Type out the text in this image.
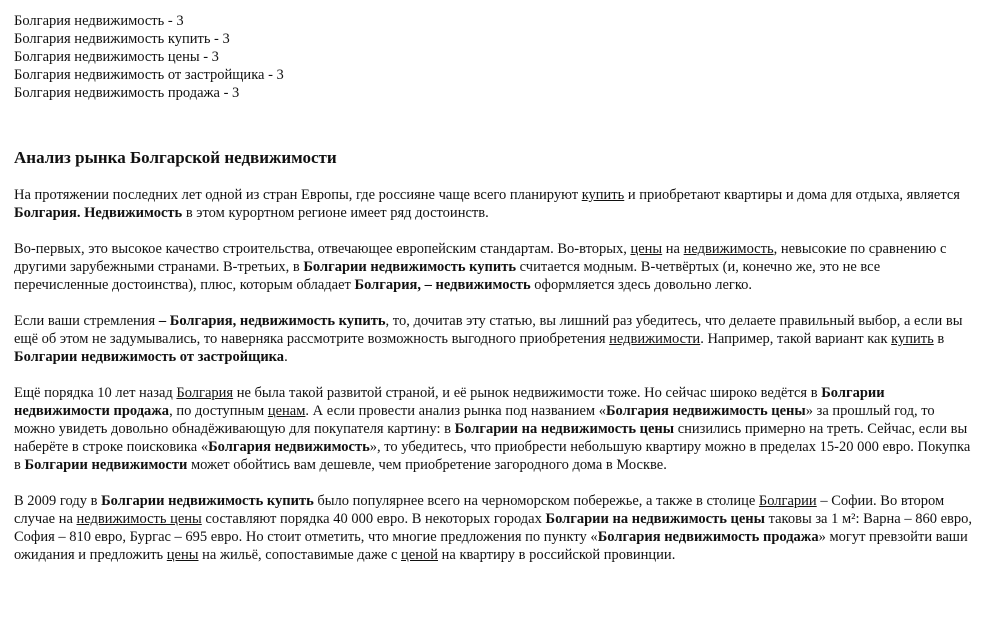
Болгария недвижимость - 3
Болгария недвижимость купить - 3
Болгария недвижимость цены - 3
Болгария недвижимость от застройщика - 3
Болгария недвижимость продажа - 3
Анализ рынка Болгарской недвижимости

На протяжении последних лет одной из стран Европы, где россияне чаще всего планируют купить и приобретают квартиры и дома для отдыха, является Болгария. Недвижимость в этом курортном регионе имеет ряд достоинств.

Во-первых, это высокое качество строительства, отвечающее европейским стандартам. Во-вторых, цены на недвижимость, невысокие по сравнению с другими зарубежными странами. В-третьих, в Болгарии недвижимость купить считается модным. В-четвёртых (и, конечно же, это не все перечисленные достоинства), плюс, которым обладает Болгария, – недвижимость оформляется здесь довольно легко.

Если ваши стремления – Болгария, недвижимость купить, то, дочитав эту статью, вы лишний раз убедитесь, что делаете правильный выбор, а если вы ещё об этом не задумывались, то наверняка рассмотрите возможность выгодного приобретения недвижимости. Например, такой вариант как купить в Болгарии недвижимость от застройщика.

Ещё порядка 10 лет назад Болгария не была такой развитой страной, и её рынок недвижимости тоже. Но сейчас широко ведётся в Болгарии недвижимости продажа, по доступным ценам. А если провести анализ рынка под названием «Болгария недвижимость цены» за прошлый год, то можно увидеть довольно обнадёживающую для покупателя картину: в Болгарии на недвижимость цены снизились примерно на треть. Сейчас, если вы наберёте в строке поисковика «Болгария недвижимость», то убедитесь, что приобрести небольшую квартиру можно в пределах 15-20 000 евро. Покупка в Болгарии недвижимости может обойтись вам дешевле, чем приобретение загородного дома в Москве.

В 2009 году в Болгарии недвижимость купить было популярнее всего на черноморском побережье, а также в столице Болгарии – Софии. Во втором случае на недвижимость цены составляют порядка 40 000 евро. В некоторых городах Болгарии на недвижимость цены таковы за 1 м²: Варна – 860 евро, София – 810 евро, Бургас – 695 евро. Но стоит отметить, что многие предложения по пункту «Болгария недвижимость продажа» могут превзойти ваши ожидания и предложить цены на жильё, сопоставимые даже с ценой на квартиру в российской провинции.
